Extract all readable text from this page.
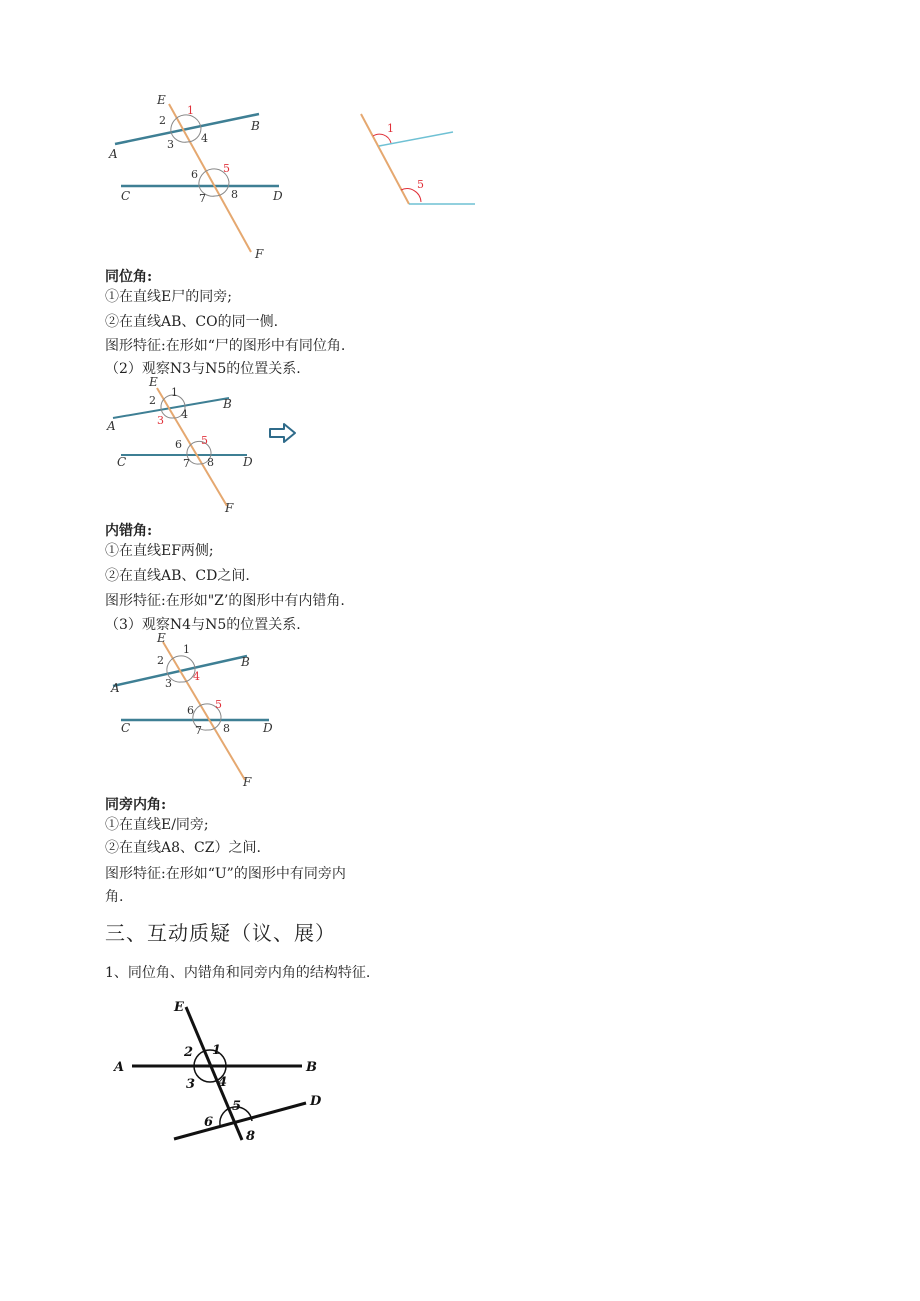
E
F
A
B
C	D
1
2
3 4
5
6
7 8
1
5
同位角:
①在直线E尸的同旁;
②在直线AB、CO的同一侧.
图形特征:在形如“尸的图形中有同位角.
（2）观察N3与N5的位置关系.
E
F
A
B
C	D
1
2
3 4
5
6
7 8
内错角:
①在直线EF两侧;
②在直线AB、CD之间.
图形特征:在形如"Z’的图形中有内错角.
（3）观察N4与N5的位置关系.
E
F
A
B
C	D
1
2
3
4
5
6
7 8
同旁内角:
①在直线E/同旁;
②在直线A8、CZ）之间.
图形特征:在形如“U”的图形中有同旁内
角.
三、互动质疑（议、展）
1、同位角、内错角和同旁内角的结构特征.
E
A	B
D
1
2
3 4
5
6
8
